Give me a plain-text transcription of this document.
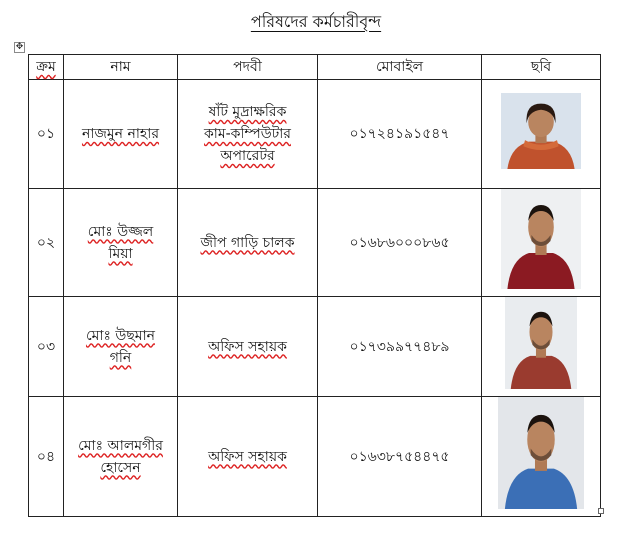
পরিষদের কর্মচারীবৃন্দ
✥
ক্রম	নাম	পদবী	মোবাইল	ছবি
০১	নাজমুন নাহার	ষাঁট মুদ্রাক্ষরিক
কাম-কম্পিউটার
অপারেটর	০১৭২৪১৯১৫৪৭	

০২	মোঃ উজ্জল
মিয়া	জীপ গাড়ি চালক	০১৬৮৬০০০৮৬৫	

০৩	মোঃ উছমান
গনি	অফিস সহায়ক	০১৭৩৯৯৭৭৪৮৯	

০৪	মোঃ আলমগীর
হোসেন	অফিস সহায়ক	০১৬৩৮৭৫৪৪৭৫	
